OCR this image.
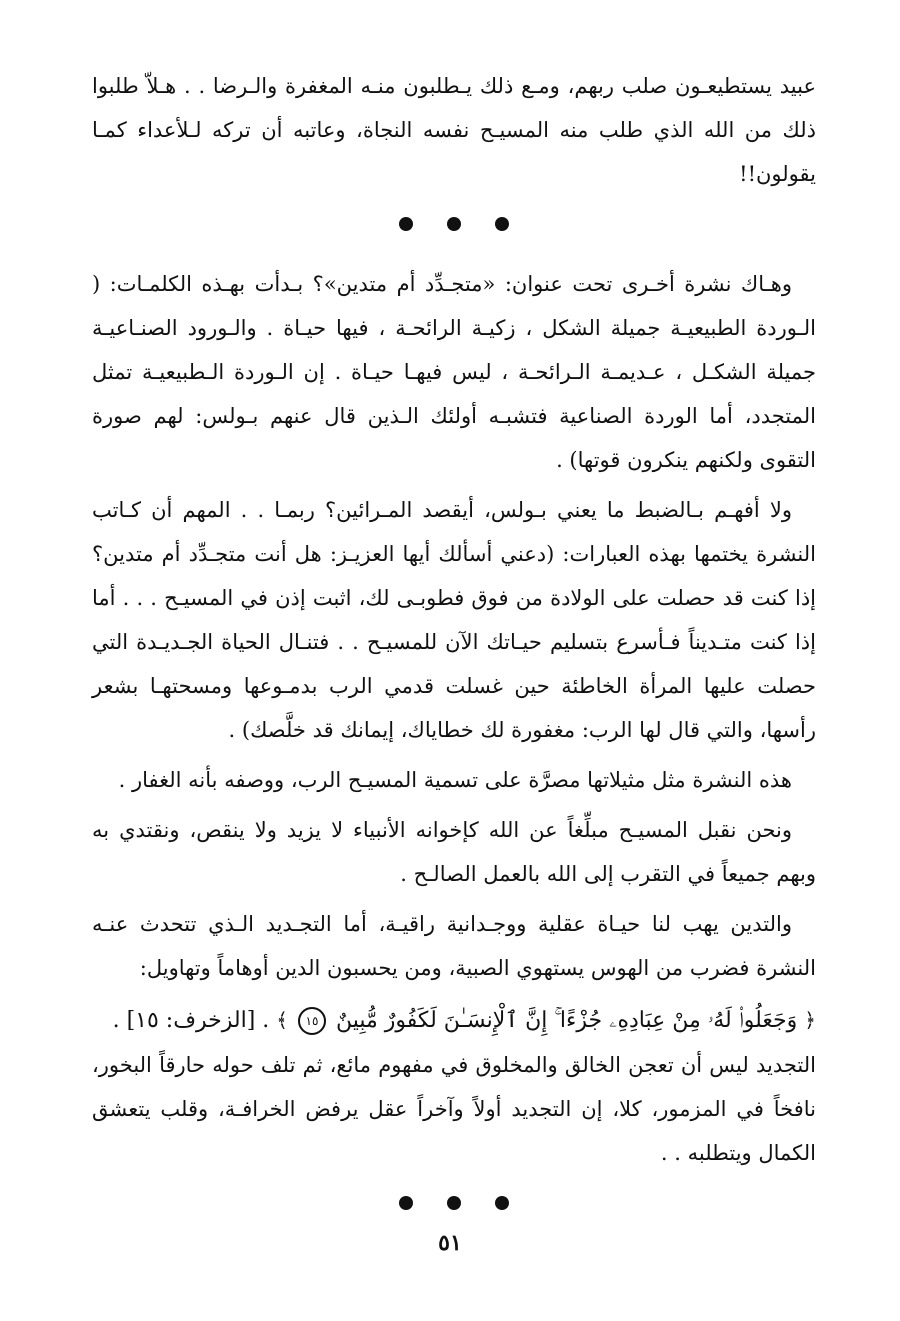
عبيد يستطيعـون صلب ربهم، ومـع ذلك يـطلبون منـه المغفرة والـرضا . . هـلاّ طلبوا ذلك من الله الذي طلب منه المسيـح نفسه النجاة، وعاتبه أن تركه لـلأعداء كمـا يقولون!!

وهـاك نشرة أخـرى تحت عنوان: «متجـدِّد أم متدين»؟ بـدأت بهـذه الكلمـات: ( الـوردة الطبيعيـة جميلة الشكل ، زكيـة الرائحـة ، فيها حيـاة . والـورود الصنـاعيـة جميلة الشكـل ، عـديمـة الـرائحـة ، ليس فيهـا حيـاة . إن الـوردة الـطبيعيـة تمثل المتجدد، أما الوردة الصناعية فتشبـه أولئك الـذين قال عنهم بـولس: لهم صورة التقوى ولكنهم ينكرون قوتها) .

ولا أفهـم بـالضبط ما يعني بـولس، أيقصد المـرائين؟ ربمـا . . المهم أن كـاتب النشرة يختمها بهذه العبارات: (دعني أسألك أيها العزيـز: هل أنت متجـدِّد أم متدين؟ إذا كنت قد حصلت على الولادة من فوق فطوبـى لك، اثبت إذن في المسيـح . . . أما إذا كنت متـديناً فـأسرع بتسليم حيـاتك الآن للمسيـح . . فتنـال الحياة الجـديـدة التي حصلت عليها المرأة الخاطئة حين غسلت قدمي الرب بدمـوعها ومسحتهـا بشعر رأسها، والتي قال لها الرب: مغفورة لك خطاياك، إيمانك قد خلَّصك) .

هذه النشرة مثل مثيلاتها مصرَّة على تسمية المسيـح الرب، ووصفه بأنه الغفار .

ونحن نقبل المسيـح مبلِّغاً عن الله كإخوانه الأنبياء لا يزيد ولا ينقص، ونقتدي به وبهم جميعاً في التقرب إلى الله بالعمل الصالـح .

والتدين يهب لنا حيـاة عقلية ووجـدانية راقيـة، أما التجـديد الـذي تتحدث عنـه النشرة فضرب من الهوس يستهوي الصبية، ومن يحسبون الدين أوهاماً وتهاويل:

﴿ وَجَعَلُوا۟ لَهُۥ مِنْ عِبَادِهِۦ جُزْءًا ۚ إِنَّ ٱلْإِنسَـٰنَ لَكَفُورٌ مُّبِينٌ ١٥ ﴾ . [الزخرف: ١٥] .

التجديد ليس أن تعجن الخالق والمخلوق في مفهوم مائع، ثم تلف حوله حارقاً البخور، نافخاً في المزمور، كلا، إن التجديد أولاً وآخراً عقل يرفض الخرافـة، وقلب يتعشق الكمال ويتطلبه . .

٥١
